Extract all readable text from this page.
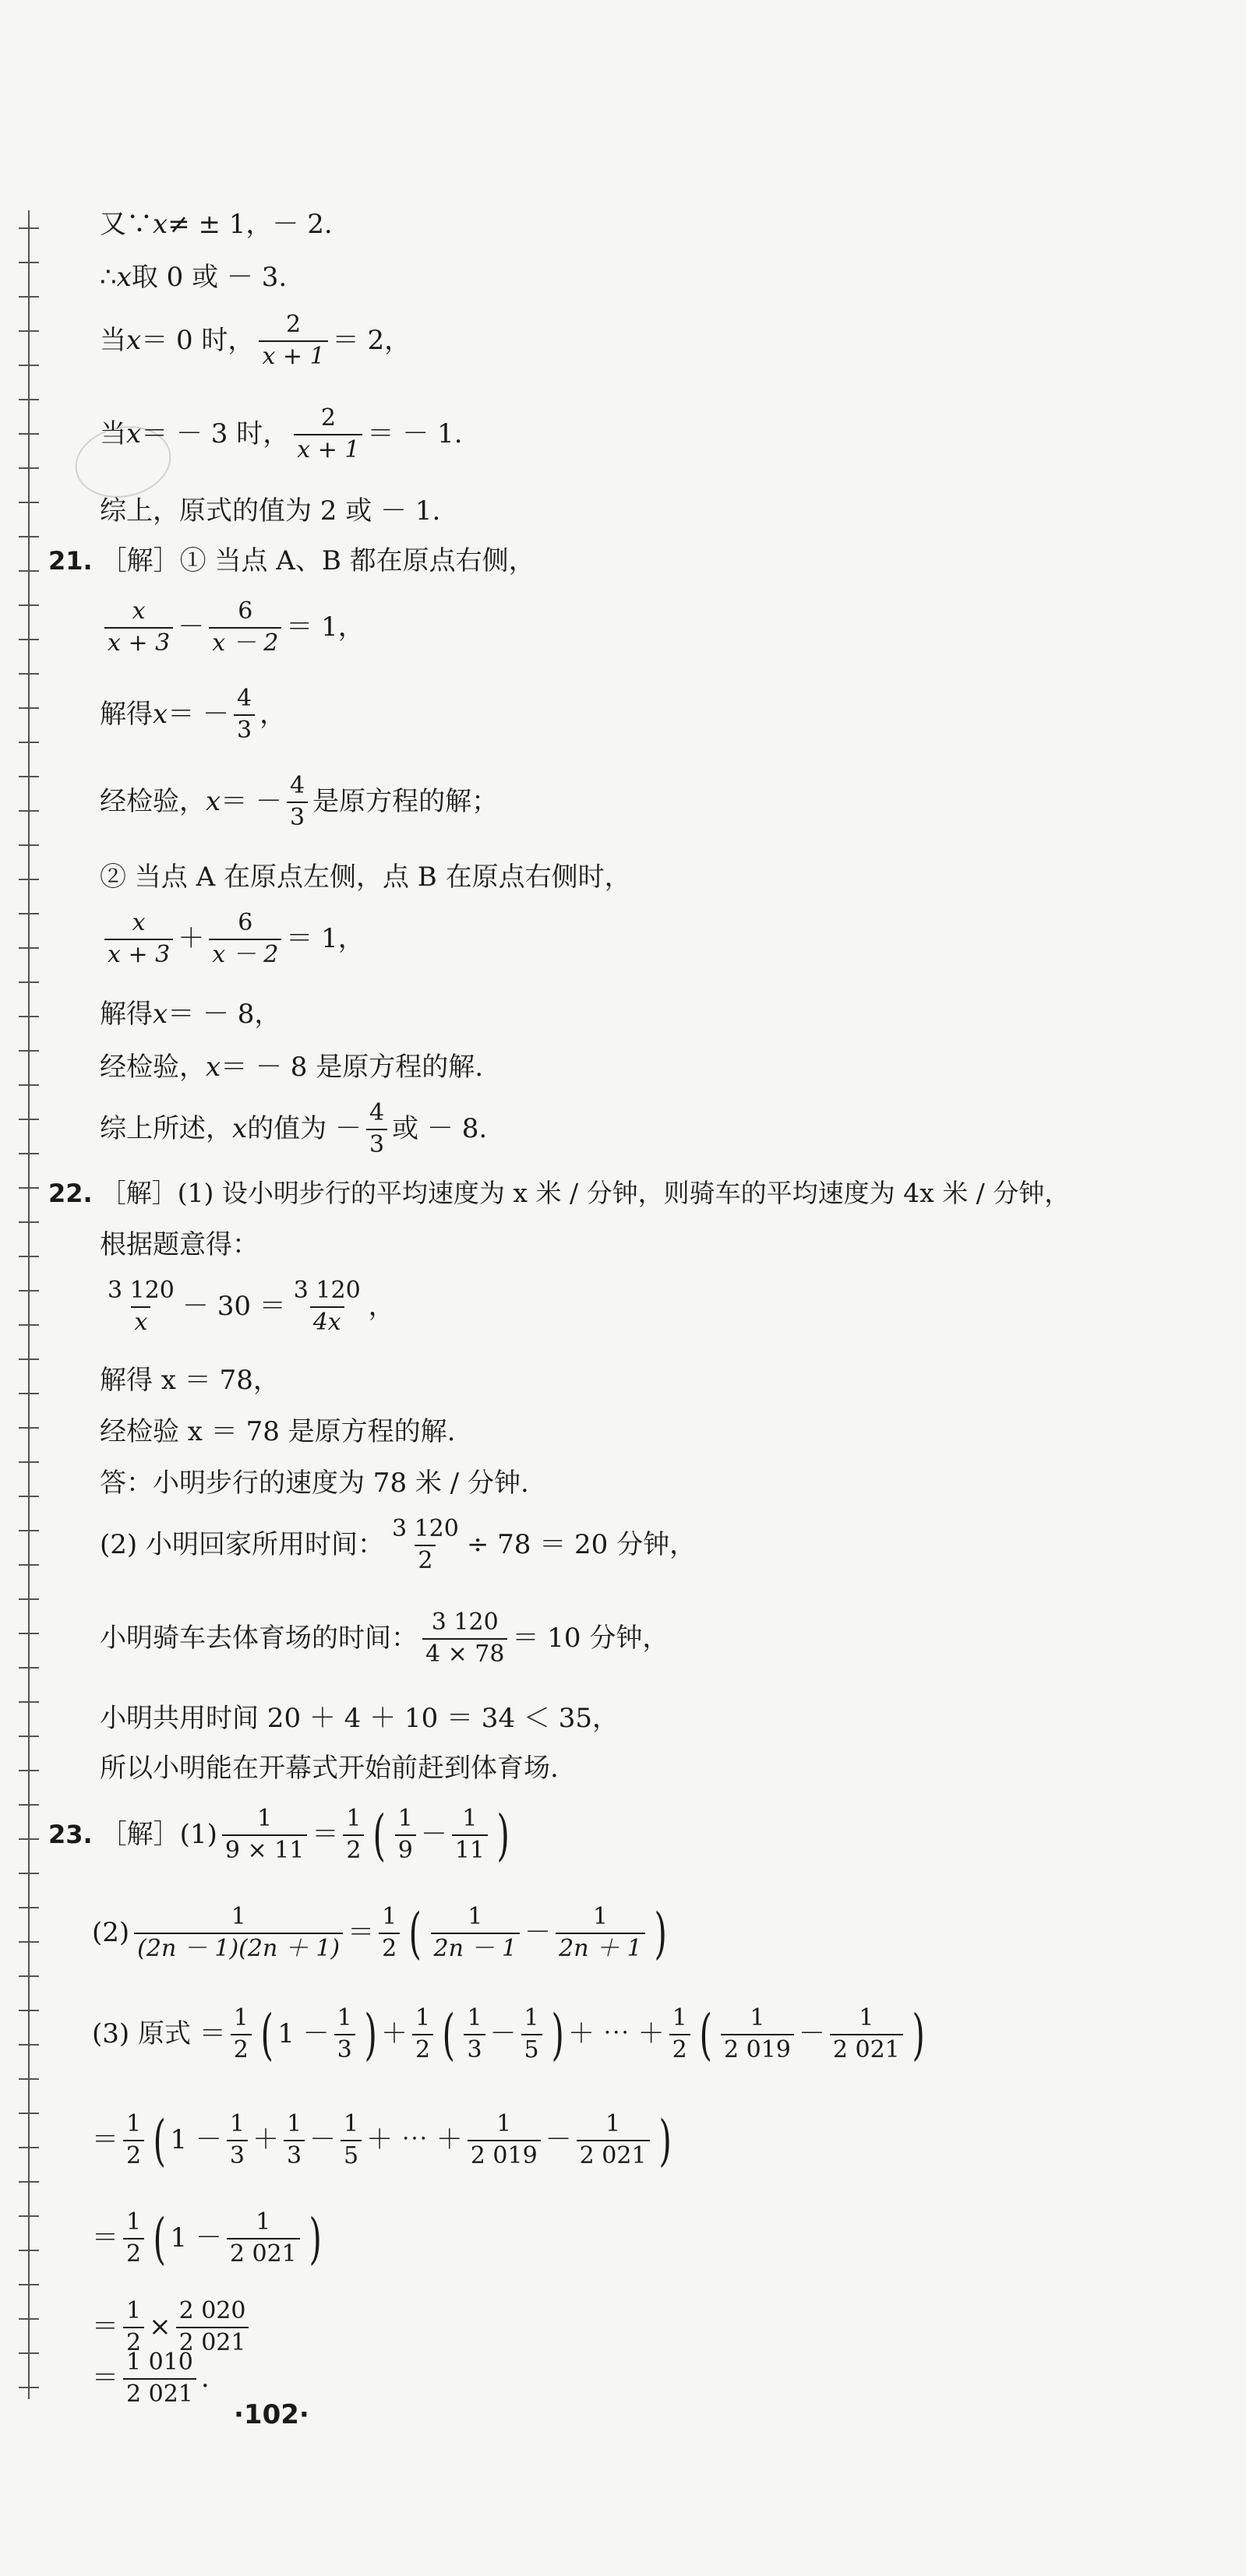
又∵ x ≠ ± 1，－ 2.
∴ x 取 0 或 － 3.
当 x ＝ 0 时， $\frac{2}{x + 1} = 2$，
当 x ＝ － 3 时， $\frac{2}{x + 1}$ ＝ － 1.
综上，原式的值为 2 或 － 1.
21. ［解］① 当点 A、B 都在原点右侧，
$\frac{x}{x + 3} - \frac{6}{x - 2} = 1$，
解得 x ＝ － $\frac{4}{3}$ ，
经检验， x ＝ － $\frac{4}{3}$ 是原方程的解；
② 当点 A 在原点左侧，点 B 在原点右侧时，
$\frac{x}{x + 3} + \frac{6}{x - 2} = 1$，
解得 x ＝ － 8，
经检验， x ＝ － 8 是原方程的解.
综上所述， x 的值为 － $\frac{4}{3}$ 或 － 8.
22. ［解］(1) 设小明步行的平均速度为 x 米 / 分钟，则骑车的平均速度为 4x 米 / 分钟，
根据题意得：
$\frac{3 120}{x} - 30 = \frac{3 120}{4x}$ ，
解得 x ＝ 78，
经检验 x ＝ 78 是原方程的解.
答：小明步行的速度为 78 米 / 分钟.
(2) 小明回家所用时间： $\frac{3 120}{2} \div 78 = 20$ 分钟，
小明骑车去体育场的时间： $\frac{3 120}{4 \times 78} = 10$ 分钟，
小明共用时间 20 ＋ 4 ＋ 10 ＝ 34 ＜ 35，
所以小明能在开幕式开始前赶到体育场.
23. ［解］(1) $\frac{1}{9 \times 11} = \frac{1}{2}$ ( $\frac{1}{9} - \frac{1}{11}$ )
$(2) \frac{1}{(2n - 1)(2n + 1)} = \frac{1}{2}$ ( $\frac{1}{2n - 1} - \frac{1}{2n + 1}$ )
(3) 原式 ＝ $\frac{1}{2}$ ( $1 - \frac{1}{3}$ ) ＋ $\frac{1}{2}$ ( $\frac{1}{3} - \frac{1}{5}$ ) ＋ ⋯ ＋ $\frac{1}{2}$ ( $\frac{1}{2 019} - \frac{1}{2 021}$ )
＝ $\frac{1}{2}$ ( $1 - \frac{1}{3} + \frac{1}{3} - \frac{1}{5}$ ＋ ⋯ ＋ $\frac{1}{2 019} - \frac{1}{2 021}$ )
＝ $\frac{1}{2}$ ( $1 - \frac{1}{2 021}$ )
＝ $\frac{1}{2} \times \frac{2 020}{2 021}$
＝ $\frac{1 010}{2 021}$ .
·102·
